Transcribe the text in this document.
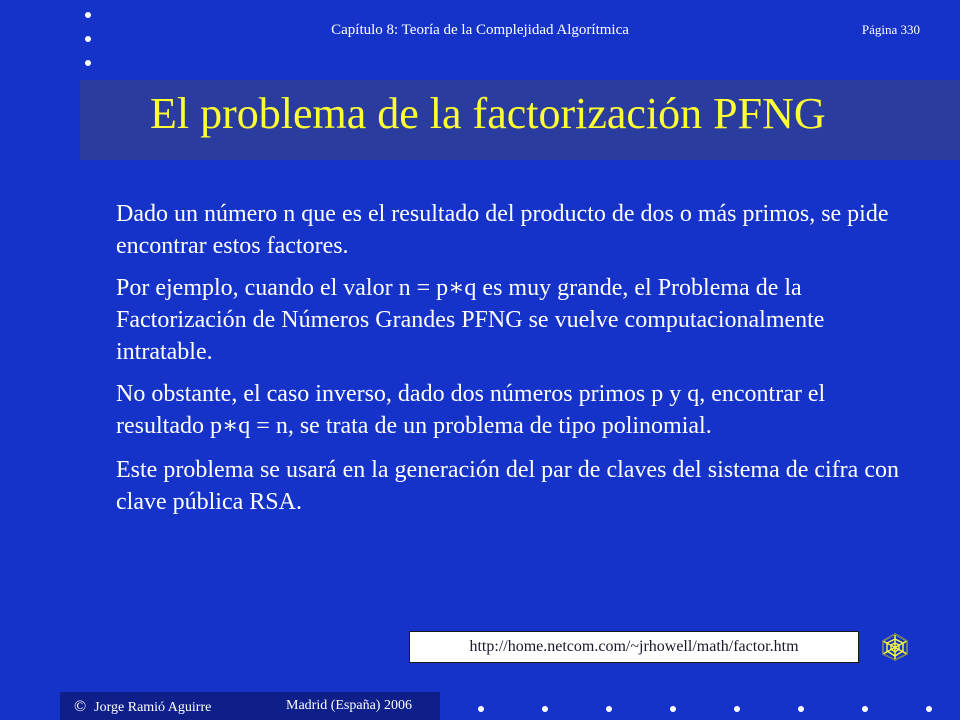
Capítulo 8: Teoría de la Complejidad Algorítmica	Página 330
El problema de la factorización PFNG

Dado un número n que es el resultado del producto de dos o más primos, se pide encontrar estos factores.

Por ejemplo, cuando el valor n = p∗q es muy grande, el Problema de la Factorización de Números Grandes PFNG se vuelve computacionalmente intratable.

No obstante, el caso inverso, dado dos números primos p y q, encontrar el resultado p∗q = n, se trata de un problema de tipo polinomial.

Este problema se usará en la generación del par de claves del sistema de cifra con clave pública RSA.

http://home.netcom.com/~jrhowell/math/factor.htm
© Jorge Ramió Aguirre	Madrid (España) 2006
